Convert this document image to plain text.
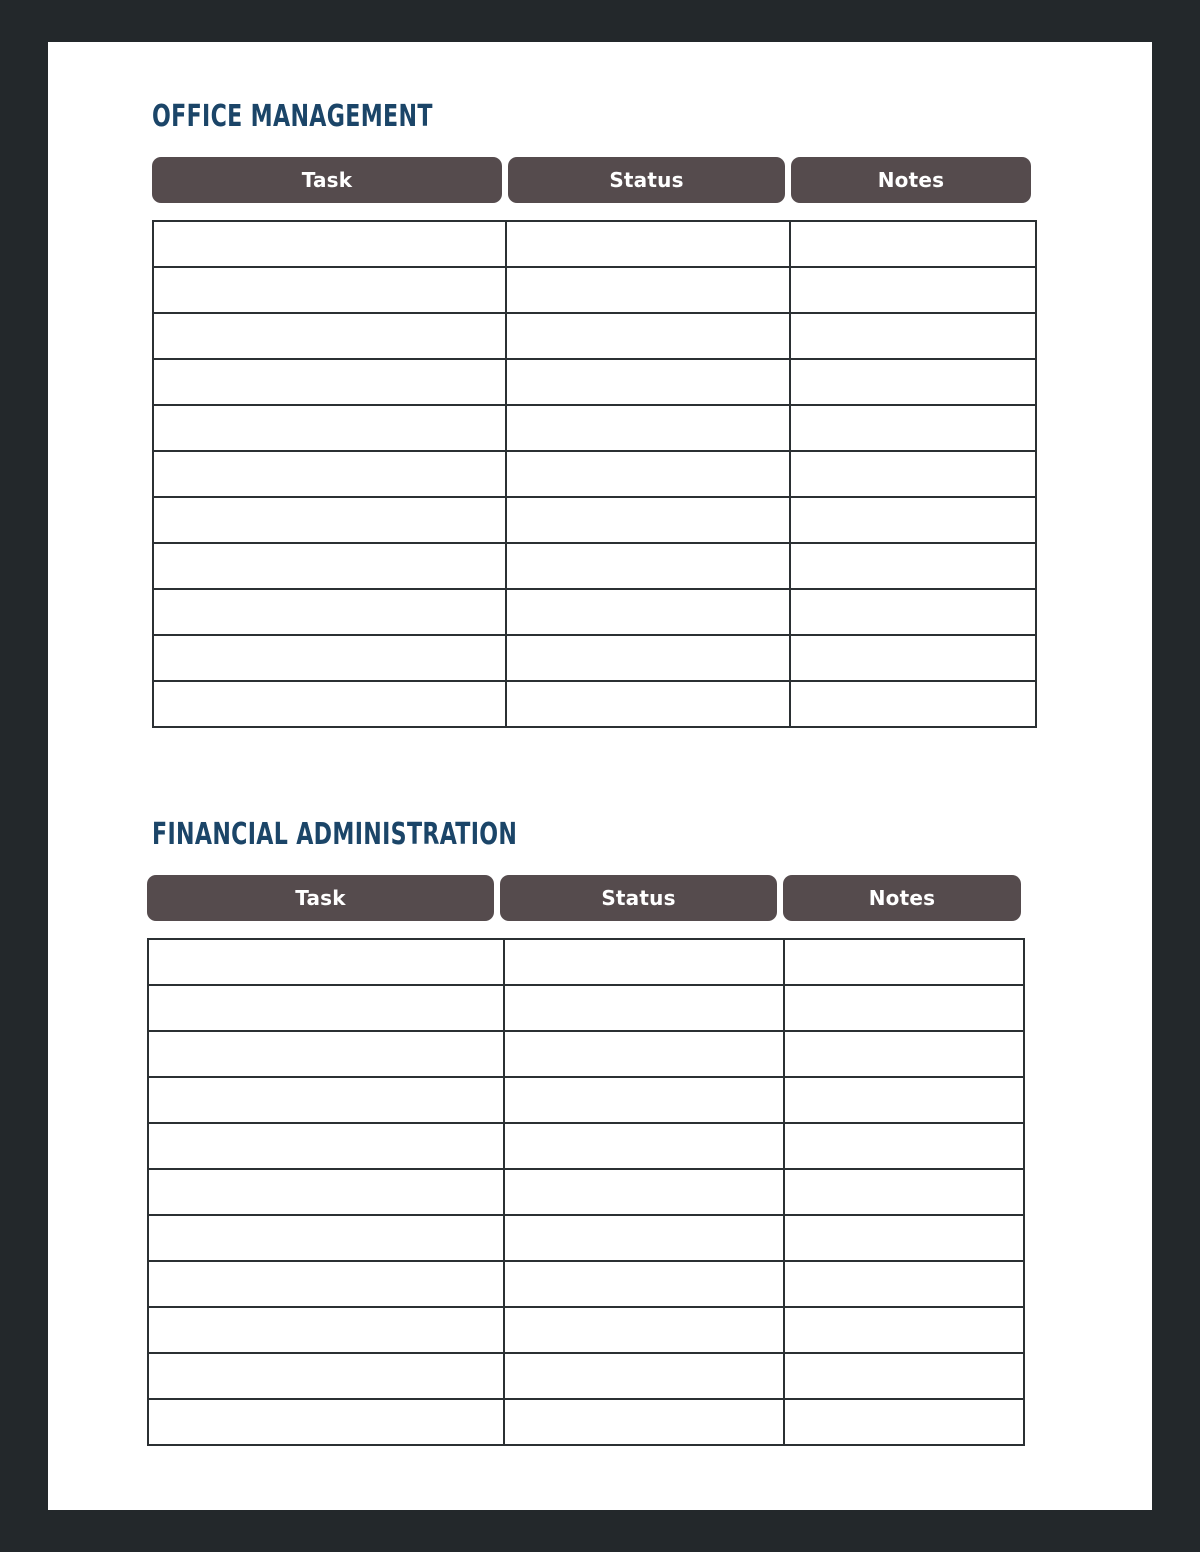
OFFICE MANAGEMENT
Task	Status	Notes

FINANCIAL ADMINISTRATION
Task	Status	Notes
